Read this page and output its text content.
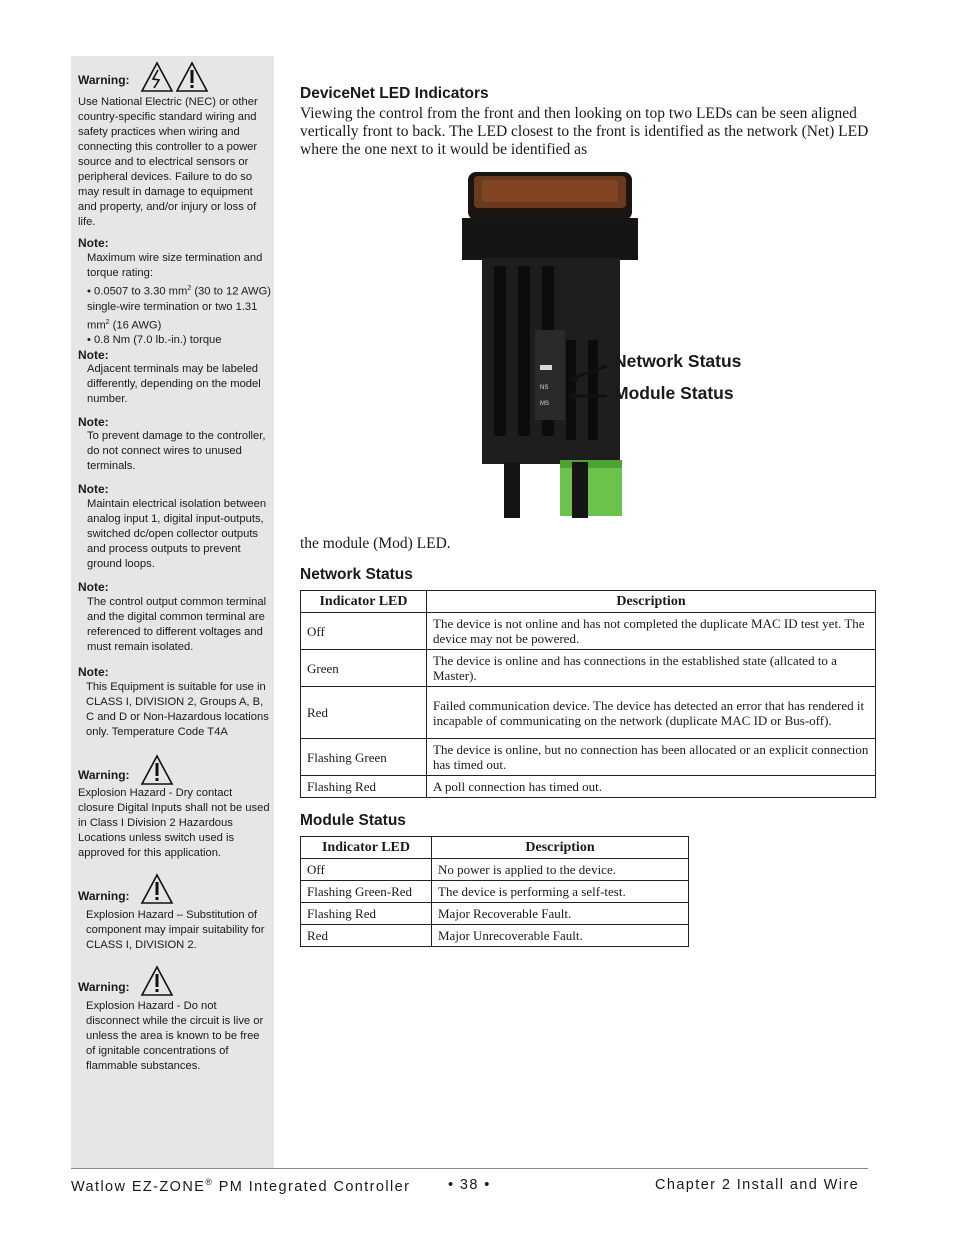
Warning:
Use National Electric (NEC) or other country-specific standard wiring and safety practices when wiring and connecting this controller to a power source and to electrical sensors or peripheral devices. Failure to do so may result in damage to equipment and property, and/or injury or loss of life.
Note:
Maximum wire size termination and torque rating:
• 0.0507 to 3.30 $mm^2$ (30 to 12 AWG) single-wire termination or two 1.31 $mm^2$ (16 AWG)
• 0.8 Nm (7.0 lb.-in.) torque
Note:
Adjacent terminals may be labeled differently, depending on the model number.
Note:
To prevent damage to the controller, do not connect wires to unused terminals.
Note:
Maintain electrical isolation between analog input 1, digital input-outputs, switched dc/open collector outputs and process outputs to prevent ground loops.
Note:
The control output common terminal and the digital common terminal are referenced to different voltages and must remain isolated.
Note:
This Equipment is suitable for use in CLASS I, DIVISION 2, Groups A, B, C and D or Non-Hazardous locations only. Temperature Code T4A
Warning:
Explosion Hazard - Dry contact closure Digital Inputs shall not be used in Class I Division 2 Hazardous Locations unless switch used is approved for this application.
Warning:
Explosion Hazard – Substitution of component may impair suitability for CLASS I, DIVISION 2.
Warning:
Explosion Hazard - Do not disconnect while the circuit is live or unless the area is known to be free of ignitable concentrations of flammable substances.
DeviceNet LED Indicators
Viewing the control from the front and then looking on top two LEDs can be seen aligned vertically front to back. The LED closest to the front is identified as the network (Net) LED where the one next to it would be identified as
NS
MS
Network Status
Module Status
the module (Mod) LED.
Network Status
Indicator LED	Description
Off	The device is not online and has not completed the duplicate MAC ID test yet. The device may not be powered.
Green	The device is online and has connections in the established state (allcated to a Master).
Red	Failed communication device. The device has detected an error that has rendered it incapable of communicating on the network (duplicate MAC ID or Bus-off).
Flashing Green	The device is online, but no connection has been allocated or an explicit connection has timed out.
Flashing Red	A poll connection has timed out.
Module Status
Indicator LED	Description
Off	No power is applied to the device.
Flashing Green-Red	The device is performing a self-test.
Flashing Red	Major Recoverable Fault.
Red	Major Unrecoverable Fault.
Watlow EZ-ZONE® PM Integrated Controller	• 38 •	Chapter 2 Install and Wire
